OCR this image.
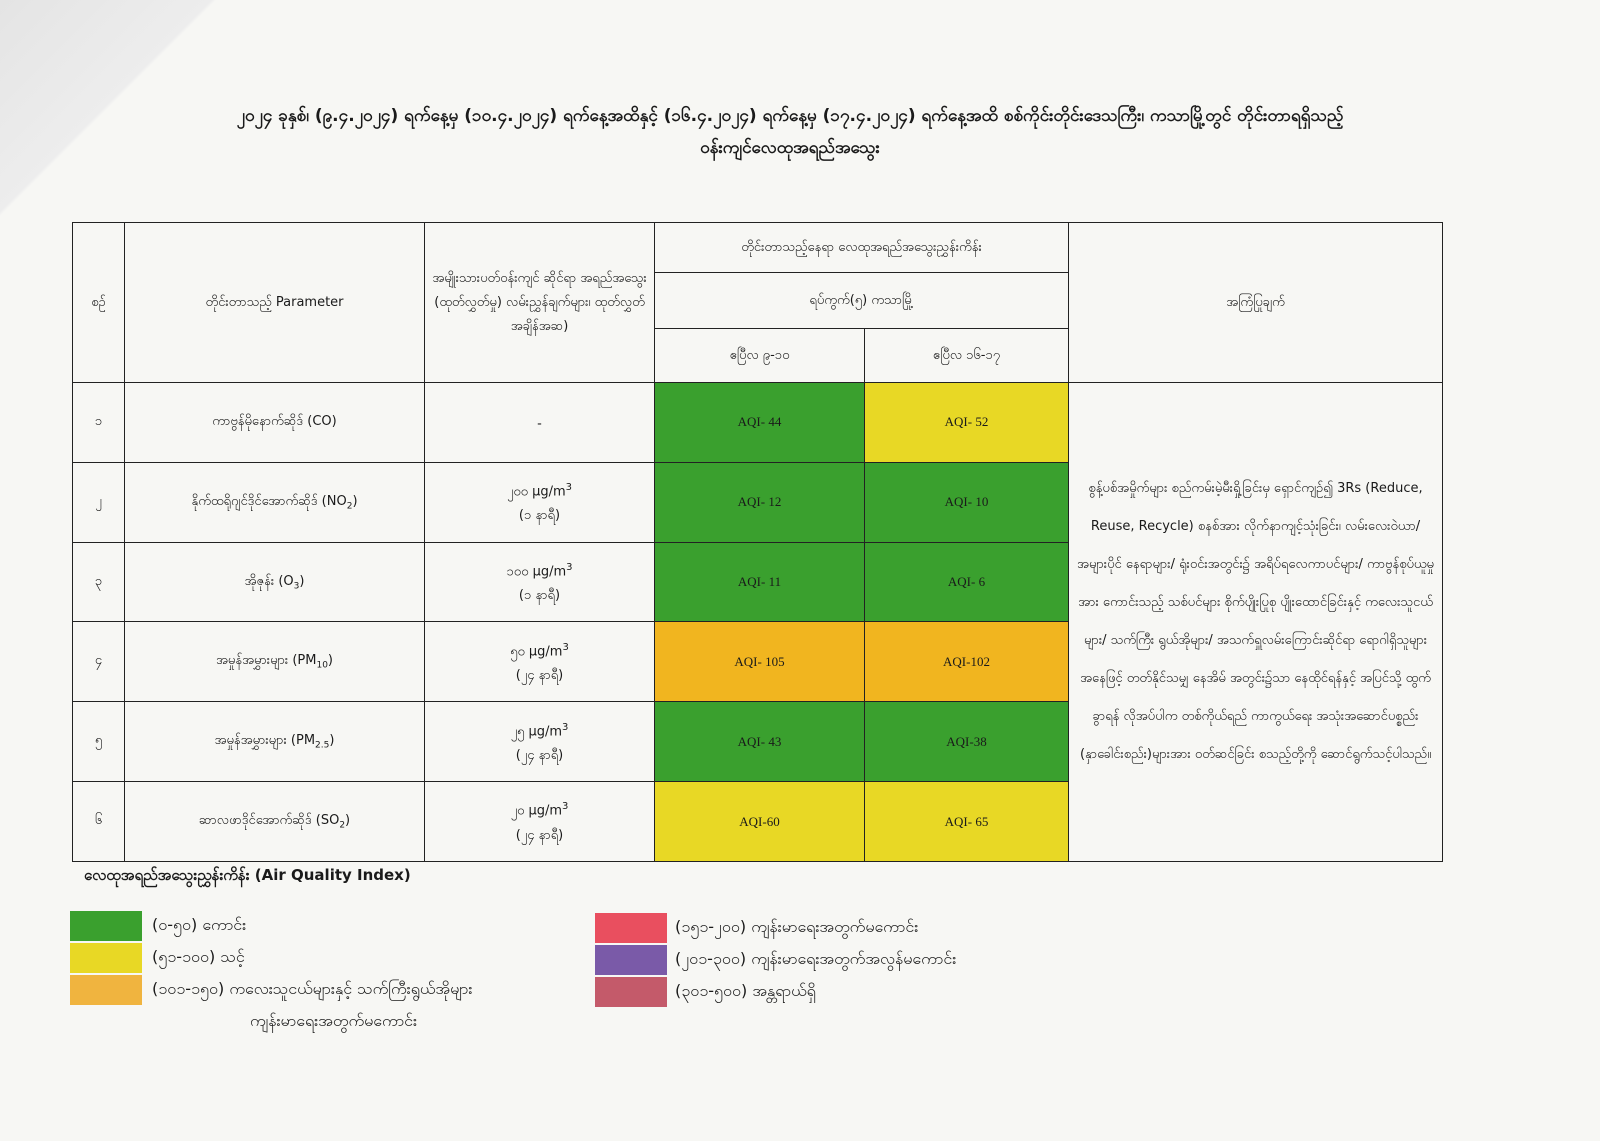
၂၀၂၄ ခုနှစ်၊ (၉.၄.၂၀၂၄) ရက်နေ့မှ (၁၀.၄.၂၀၂၄) ရက်နေ့အထိနှင့် (၁၆.၄.၂၀၂၄) ရက်နေ့မှ (၁၇.၄.၂၀၂၄) ရက်နေ့အထိ စစ်ကိုင်းတိုင်းဒေသကြီး၊ ကသာမြို့တွင် တိုင်းတာရရှိသည့်
ဝန်းကျင်လေထုအရည်အသွေး
စဉ်	တိုင်းတာသည့် Parameter	အမျိုးသားပတ်ဝန်းကျင် ဆိုင်ရာ အရည်အသွေး (ထုတ်လွှတ်မှု) လမ်းညွှန်ချက်များ၊ ထုတ်လွှတ်အချိန်အဆ)	တိုင်းတာသည့်နေရာ လေထုအရည်အသွေးညွှန်းကိန်း		အကြံပြုချက်
			ရပ်ကွက်(၅) ကသာမြို့		
			ဧပြီလ ၉-၁၀	ဧပြီလ ၁၆-၁၇	
၁	ကာဗွန်မိုနောက်ဆိုဒ် (CO)	-	AQI- 44	AQI- 52	စွန့်ပစ်အမှိုက်များ စည်ကမ်းမဲ့မီးရှို့ခြင်းမှ ရှောင်ကျဉ်၍ 3Rs (Reduce, Reuse, Recycle) စနစ်အား လိုက်နာကျင့်သုံးခြင်း၊ လမ်းလေးဝဲယာ/ အများပိုင် နေရာများ/ ရုံးဝင်းအတွင်း၌ အရိပ်ရလေကာပင်များ/ ကာဗွန်စုပ်ယူမှုအား ကောင်းသည့် သစ်ပင်များ စိုက်ပျိုးပြုစု ပျိုးထောင်ခြင်းနှင့် ကလေးသူငယ်များ/ သက်ကြီး ရွယ်အိုများ/ အသက်ရှူလမ်းကြောင်းဆိုင်ရာ ရောဂါရှိသူများအနေဖြင့် တတ်နိုင်သမျှ နေအိမ် အတွင်း၌သာ နေထိုင်ရန်နှင့် အပြင်သို့ ထွက်ခွာရန် လိုအပ်ပါက တစ်ကိုယ်ရည် ကာကွယ်ရေး အသုံးအဆောင်ပစ္စည်း (နှာခေါင်းစည်း)များအား ဝတ်ဆင်ခြင်း စသည့်တို့ကို ဆောင်ရွက်သင့်ပါသည်။
၂	နိုက်ထရိုဂျင်ဒိုင်အောက်ဆိုဒ် $(NO_2)$	၂၀၀ $\mu g/m^3$
(၁ နာရီ)	AQI- 12	AQI- 10	
၃	အိုဇုန်း $(O_3)$	၁၀၀ $\mu g/m^3$
(၁ နာရီ)	AQI- 11	AQI- 6	
၄	အမှုန်အမွှားများ $(PM_{10})$	၅၀ $\mu g/m^3$
(၂၄ နာရီ)	AQI- 105	AQI-102	
၅	အမှုန်အမွှားများ $(PM_{2.5})$	၂၅ $\mu g/m^3$
(၂၄ နာရီ)	AQI- 43	AQI-38	
၆	ဆာလဖာဒိုင်အောက်ဆိုဒ် $(SO_2)$	၂၀ $\mu g/m^3$
(၂၄ နာရီ)	AQI-60	AQI- 65	
လေထုအရည်အသွေးညွှန်းကိန်း (Air Quality Index)
(၀-၅၀) ကောင်း
(၅၁-၁၀၀) သင့်
(၁၀၁-၁၅၀) ကလေးသူငယ်များနှင့် သက်ကြီးရွယ်အိုများ
ကျန်းမာရေးအတွက်မကောင်း
(၁၅၁-၂၀၀) ကျန်းမာရေးအတွက်မကောင်း
(၂၀၁-၃၀၀) ကျန်းမာရေးအတွက်အလွန်မကောင်း
(၃၀၁-၅၀၀) အန္တရာယ်ရှိ
